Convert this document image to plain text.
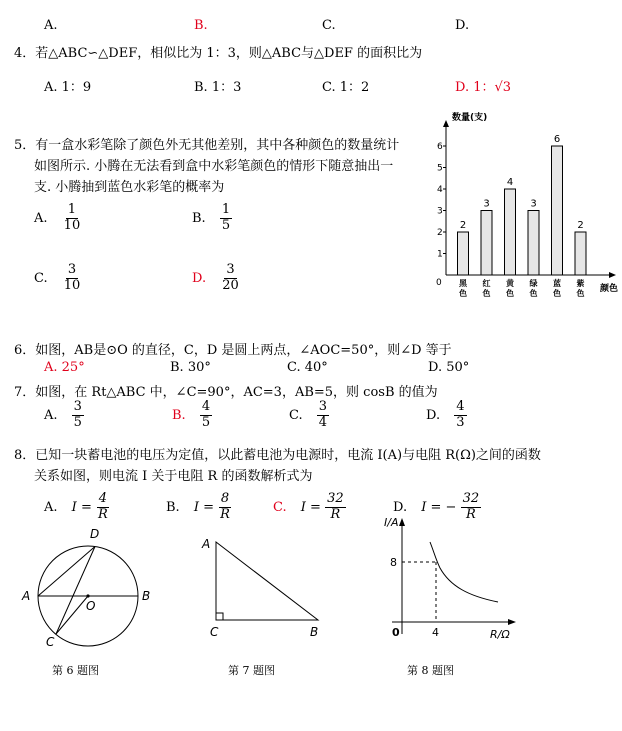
A.	B.	C.	D.
4．若△ABC∽△DEF，相似比为 1：3，则△ABC与△DEF 的面积比为
A. 1：9	B. 1：3	C. 1：2	D. 1：√3
5．有一盒水彩笔除了颜色外无其他差别，其中各种颜色的数量统计
如图所示. 小腾在无法看到盒中水彩笔颜色的情形下随意抽出一
支. 小腾抽到蓝色水彩笔的概率为
A. $\frac{1}{10}$	B. $\frac{1}{5}$
C. $\frac{3}{10}$	D. $\frac{3}{20}$
数量(支)
颜色
0
1
2
3
4
5
6
2
黑
色
3
红
色
4
黄
色
3
绿
色
6
蓝
色
2
紫
色
6．如图，AB是⊙O 的直径，C，D 是圆上两点，∠AOC=50°，则∠D 等于
A. 25°	B. 30°	C. 40°	D. 50°
7．如图，在 Rt△ABC 中，∠C=90°，AC=3，AB=5，则 cosB 的值为
A. $\frac{3}{5}$	B. $\frac{4}{5}$	C. $\frac{3}{4}$	D. $\frac{4}{3}$
8．已知一块蓄电池的电压为定值，以此蓄电池为电源时，电流 I(A)与电阻 R(Ω)之间的函数
关系如图，则电流 I 关于电阻 R 的函数解析式为
A. $I = \frac{4}{R}$	B. $I = \frac{8}{R}$	C. $I = \frac{32}{R}$	D. I = − $\frac{32}{R}$
A	B
C
D
O
A
C	B
I/A
8
4
0	R/Ω
第 6 题图	第 7 题图	第 8 题图
